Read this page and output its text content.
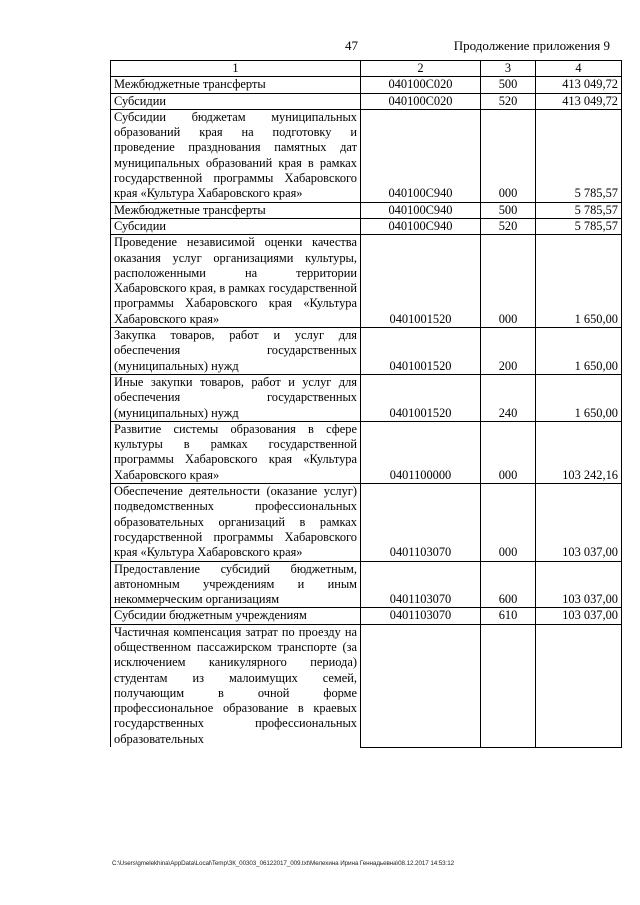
47	Продолжение приложения 9
1	2	3	4
Межбюджетные трансферты	040100С020	500	413 049,72
Субсидии	040100С020	520	413 049,72
Субсидии бюджетам муниципальных образований края на подготовку и проведение празднования памятных дат муниципальных образований края в рамках государственной программы Хабаровского края «Культура Хабаровского края»	040100С940	000	5 785,57
Межбюджетные трансферты	040100С940	500	5 785,57
Субсидии	040100С940	520	5 785,57
Проведение независимой оценки качества оказания услуг организациями культуры, расположенными на территории Хабаровского края, в рамках государственной программы Хабаровского края «Культура Хабаровского края»	0401001520	000	1 650,00
Закупка товаров, работ и услуг для обеспечения государственных (муниципальных) нужд	0401001520	200	1 650,00
Иные закупки товаров, работ и услуг для обеспечения государственных (муниципальных) нужд	0401001520	240	1 650,00
Развитие системы образования в сфере культуры в рамках государственной программы Хабаровского края «Культура Хабаровского края»	0401100000	000	103 242,16
Обеспечение деятельности (оказание услуг) подведомственных профессиональных образовательных организаций в рамках государственной программы Хабаровского края «Культура Хабаровского края»	0401103070	000	103 037,00
Предоставление субсидий бюджетным, автономным учреждениям и иным некоммерческим организациям	0401103070	600	103 037,00
Субсидии бюджетным учреждениям	0401103070	610	103 037,00
Частичная компенсация затрат по проезду на общественном пассажирском транспорте (за исключением каникулярного периода) студентам из малоимущих семей, получающим в очной форме профессиональное образование в краевых государственных профессиональных образовательных			
C:\Users\gmelekhina\AppData\Local\Temp\ЗК_00303_06122017_009.txt\Мелехина Ирина Геннадьевна\08.12.2017 14:53:12
